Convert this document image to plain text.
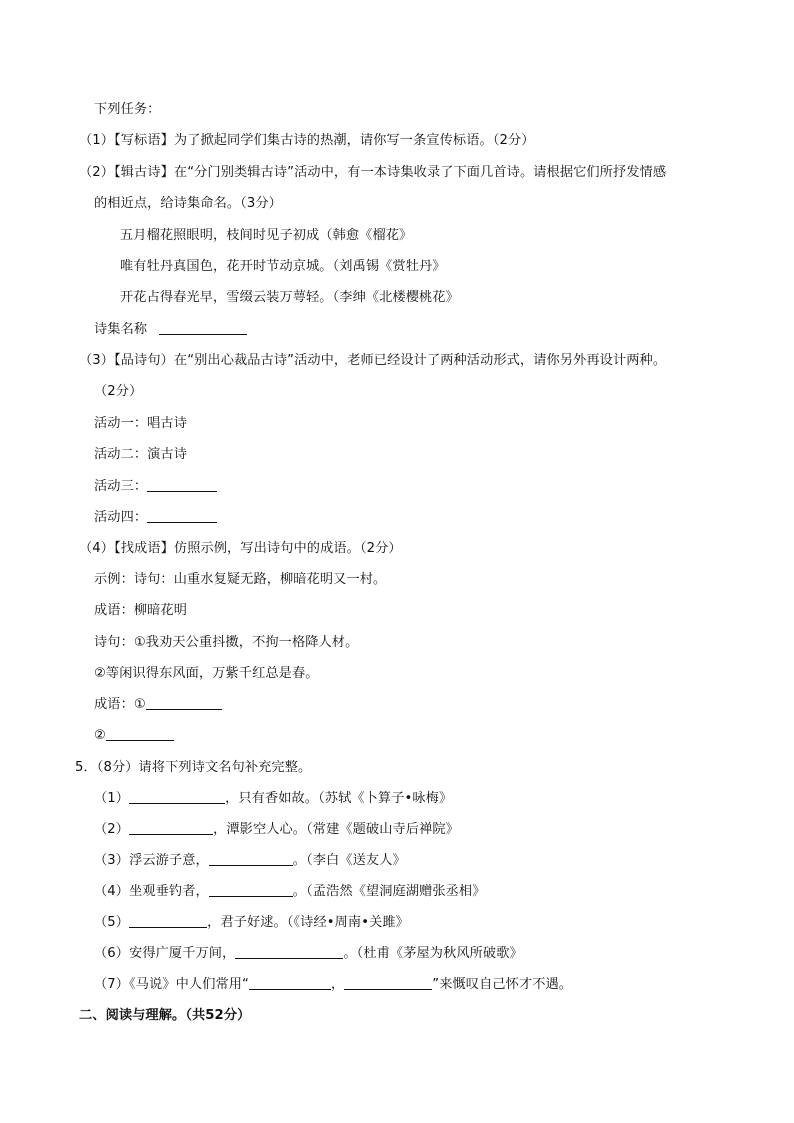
下列任务：
（1）【写标语】为了掀起同学们集古诗的热潮，请你写一条宣传标语。（2分）
（2）【辑古诗】在“分门别类辑古诗”活动中，有一本诗集收录了下面几首诗。请根据它们所抒发情感
的相近点，给诗集命名。（3分）
五月榴花照眼明，枝间时见子初成（韩愈《榴花》
唯有牡丹真国色，花开时节动京城。（刘禹锡《赏牡丹》
开花占得春光早，雪缀云装万萼轻。（李绅《北楼樱桃花》
诗集名称
（3）【品诗句）在“别出心裁品古诗”活动中，老师已经设计了两种活动形式，请你另外再设计两种。
（2分）
活动一：唱古诗
活动二：演古诗
活动三：
活动四：
（4）【找成语】仿照示例，写出诗句中的成语。（2分）
示例：诗句：山重水复疑无路，柳暗花明又一村。
成语：柳暗花明
诗句：①我劝天公重抖擞，不拘一格降人材。
②等闲识得东风面，万紫千红总是春。
成语：①
②
5．（8分）请将下列诗文名句补充完整。
（1）	，只有香如故。（苏轼《卜算子•咏梅》
（2）	，潭影空人心。（常建《题破山寺后禅院》
（3）浮云游子意，	。（李白《送友人》
（4）坐观垂钓者，	。（孟浩然《望洞庭湖赠张丞相》
（5）	，君子好逑。（《诗经•周南•关雎》
（6）安得广厦千万间，	。（杜甫《茅屋为秋风所破歌》
（7）《马说》中人们常用“	，	”来慨叹自己怀才不遇。
二、阅读与理解。（共52分）
